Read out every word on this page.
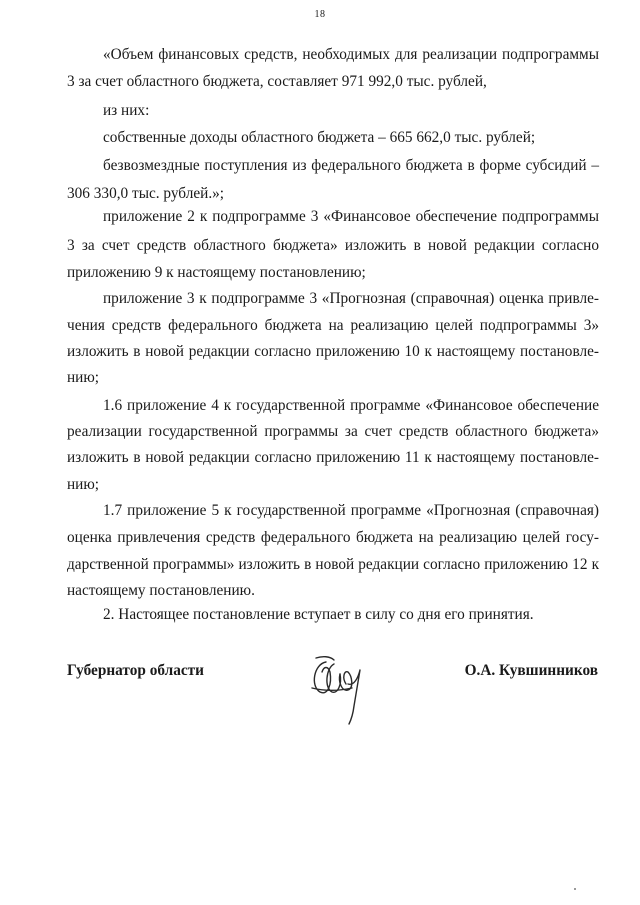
18
«Объем финансовых средств, необходимых для реализации подпрограммы
3 за счет областного бюджета, составляет 971 992,0 тыс. рублей,
из них:
собственные доходы областного бюджета – 665 662,0 тыс. рублей;
безвозмездные поступления из федерального бюджета в форме субсидий –
306 330,0 тыс. рублей.»;
приложение 2 к подпрограмме 3 «Финансовое обеспечение подпрограммы
3 за счет средств областного бюджета» изложить в новой редакции согласно
приложению 9 к настоящему постановлению;
приложение 3 к подпрограмме 3 «Прогнозная (справочная) оценка привле-
чения средств федерального бюджета на реализацию целей подпрограммы 3»
изложить в новой редакции согласно приложению 10 к настоящему постановле-
нию;
1.6 приложение 4 к государственной программе «Финансовое обеспечение
реализации государственной программы за счет средств областного бюджета»
изложить в новой редакции согласно приложению 11 к настоящему постановле-
нию;
1.7 приложение 5 к государственной программе «Прогнозная (справочная)
оценка привлечения средств федерального бюджета на реализацию целей госу-
дарственной программы» изложить в новой редакции согласно приложению 12 к
настоящему постановлению.
2. Настоящее постановление вступает в силу со дня его принятия.
Губернатор области	О.А. Кувшинников
